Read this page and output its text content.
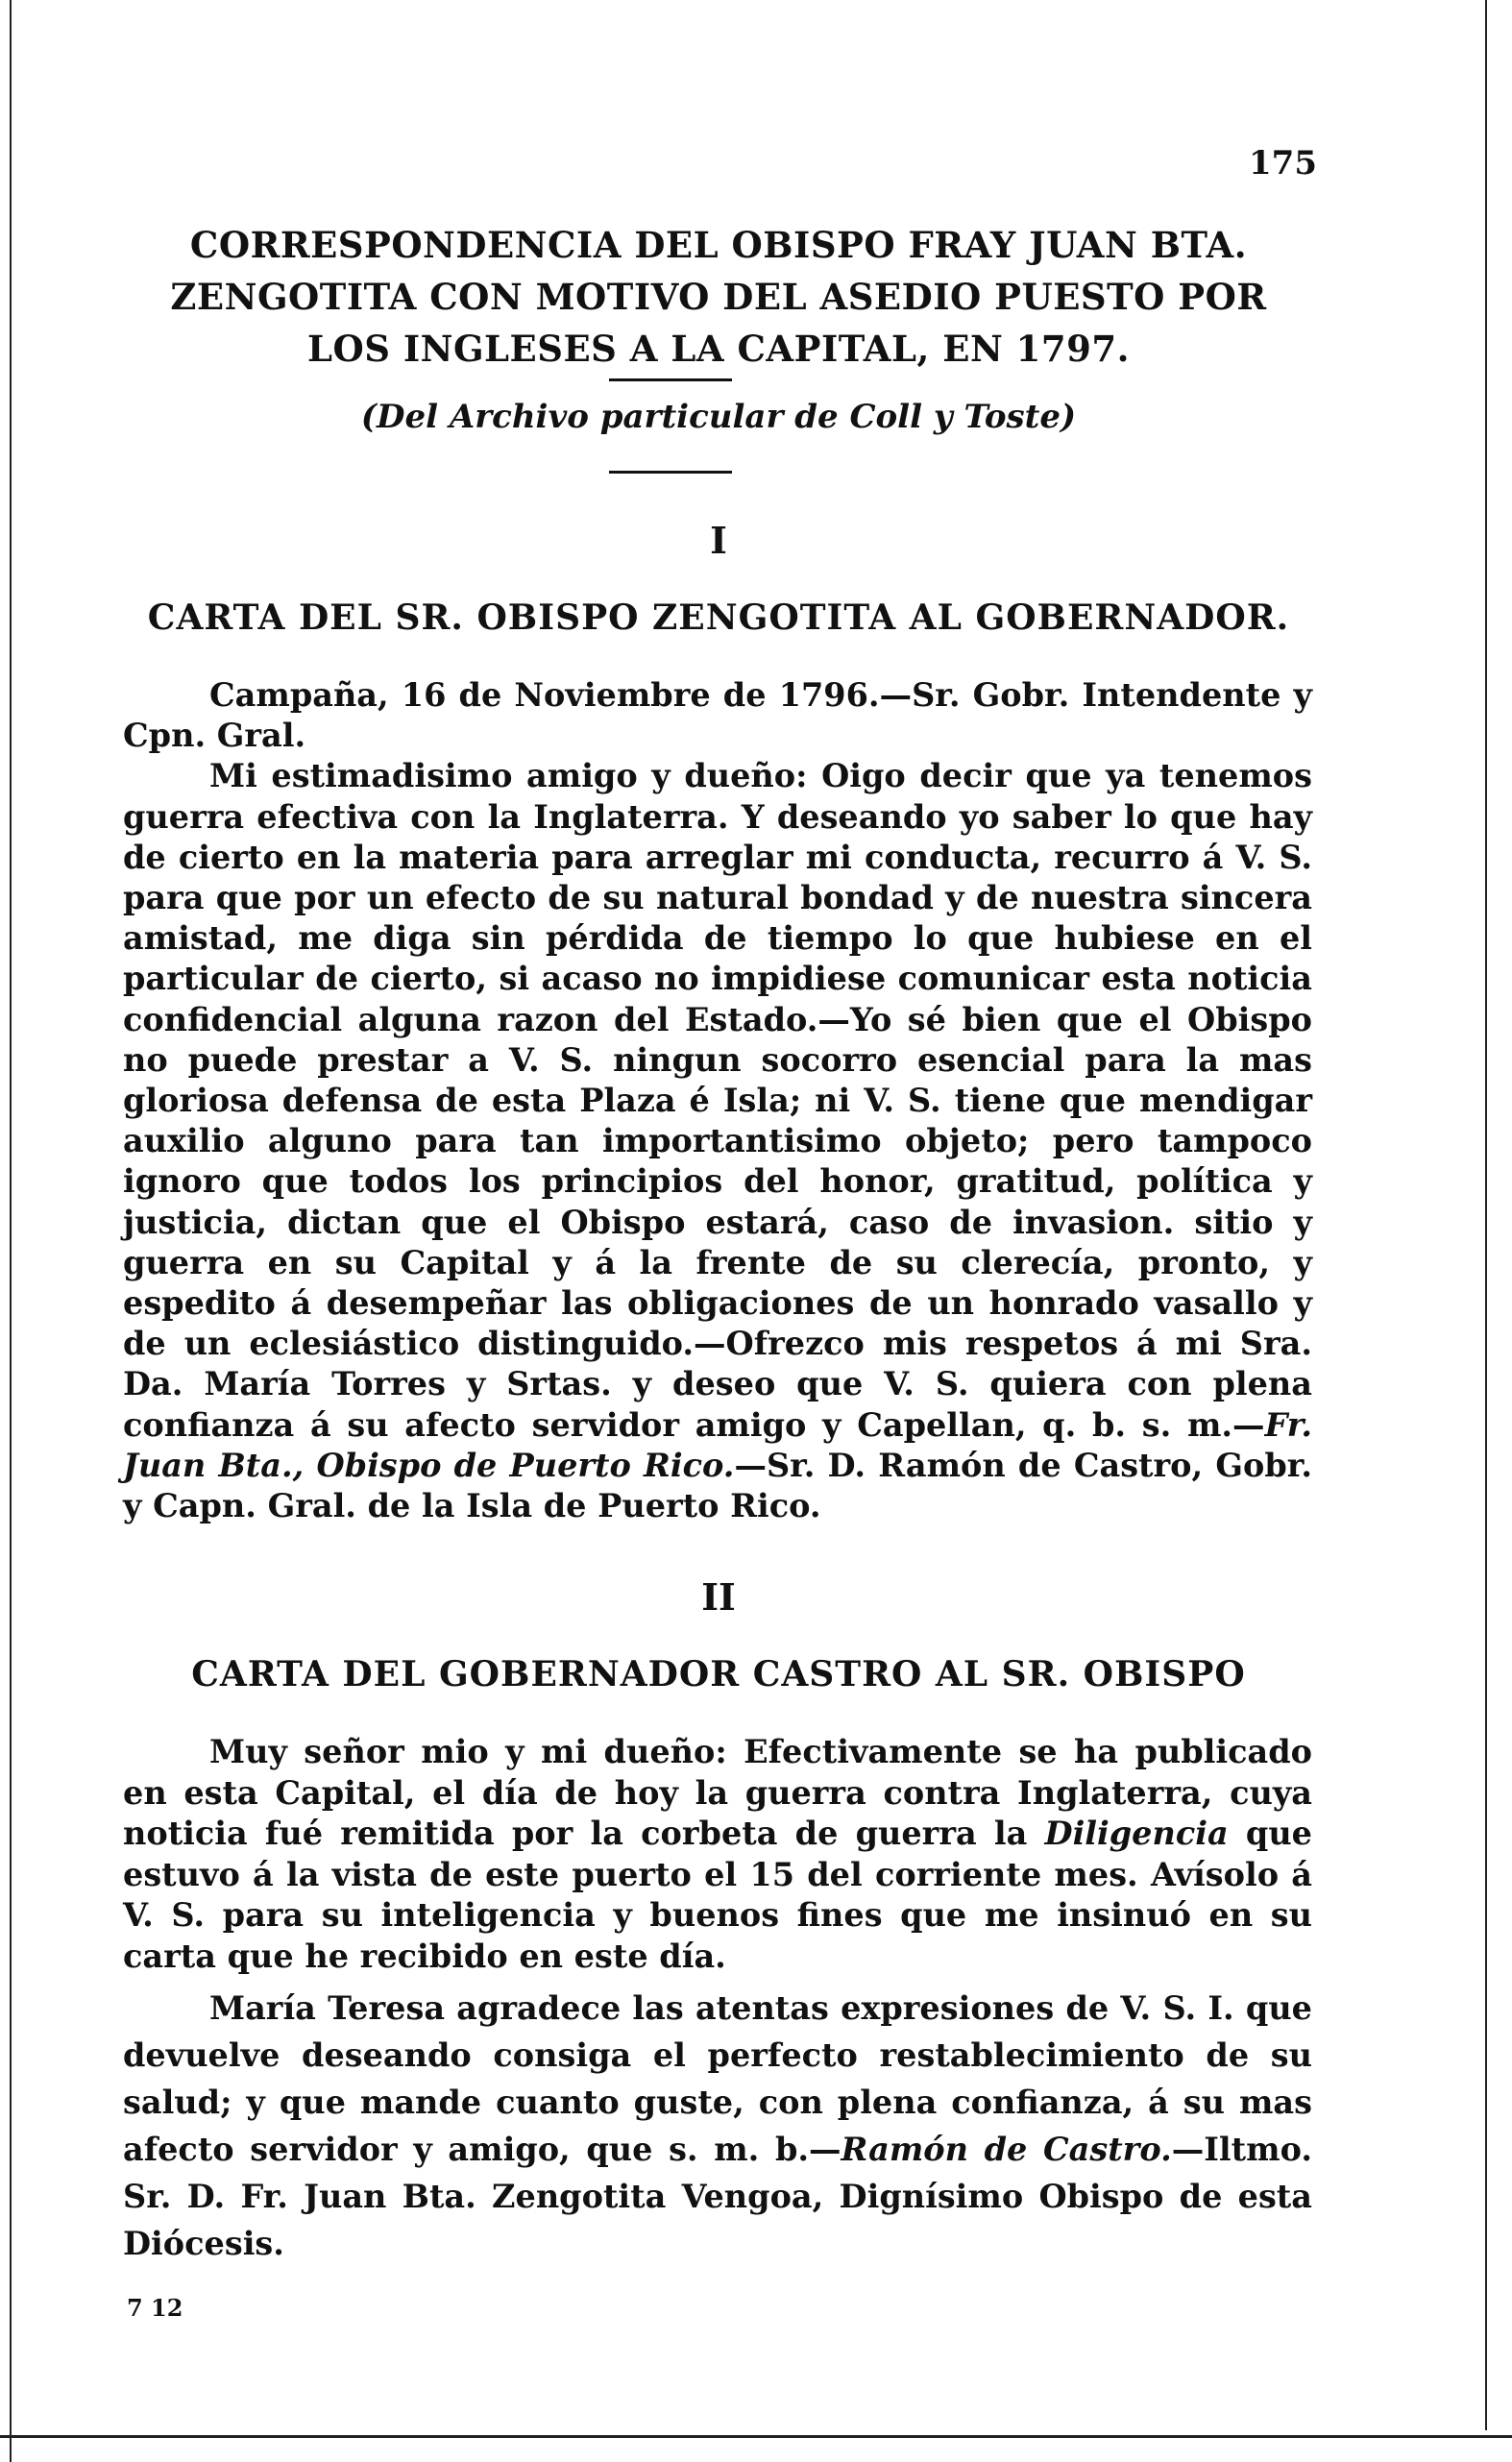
175
CORRESPONDENCIA DEL OBISPO FRAY JUAN BTA. ZENGOTITA CON MOTIVO DEL ASEDIO PUESTO POR LOS INGLESES A LA CAPITAL, EN 1797.
(Del Archivo particular de Coll y Toste)
I
CARTA DEL SR. OBISPO ZENGOTITA AL GOBERNADOR.

Campaña, 16 de Noviembre de 1796.—Sr. Gobr. Intendente y Cpn. Gral.

Mi estimadisimo amigo y dueño: Oigo decir que ya tenemos guerra efectiva con la Inglaterra. Y deseando yo saber lo que hay de cierto en la materia para arreglar mi conducta, recurro á V. S. para que por un efecto de su natural bondad y de nuestra sincera amistad, me diga sin pérdida de tiempo lo que hubiese en el particular de cierto, si acaso no impidiese comunicar esta noticia confidencial alguna razon del Estado.—Yo sé bien que el Obispo no puede prestar a V. S. ningun socorro esencial para la mas gloriosa defensa de esta Plaza é Isla; ni V. S. tiene que mendigar auxilio alguno para tan importantisimo objeto; pero tampoco ignoro que todos los principios del honor, gratitud, política y justicia, dictan que el Obispo estará, caso de invasion. sitio y guerra en su Capital y á la frente de su clerecía, pronto, y espedito á desempeñar las obligaciones de un honrado vasallo y de un eclesiástico distinguido.—Ofrezco mis respetos á mi Sra. Da. María Torres y Srtas. y deseo que V. S. quiera con plena confianza á su afecto servidor amigo y Capellan, q. b. s. m.—Fr. Juan Bta., Obispo de Puerto Rico.—Sr. D. Ramón de Castro, Gobr. y Capn. Gral. de la Isla de Puerto Rico.

II
CARTA DEL GOBERNADOR CASTRO AL SR. OBISPO

Muy señor mio y mi dueño: Efectivamente se ha publicado en esta Capital, el día de hoy la guerra contra Inglaterra, cuya noticia fué remitida por la corbeta de guerra la Diligencia que estuvo á la vista de este puerto el 15 del corriente mes. Avísolo á V. S. para su inteligencia y buenos fines que me insinuó en su carta que he recibido en este día.

María Teresa agradece las atentas expresiones de V. S. I. que devuelve deseando consiga el perfecto restablecimiento de su salud; y que mande cuanto guste, con plena confianza, á su mas afecto servidor y amigo, que s. m. b.—Ramón de Castro.—Iltmo. Sr. D. Fr. Juan Bta. Zengotita Vengoa, Dignísimo Obispo de esta Diócesis.

7 12
